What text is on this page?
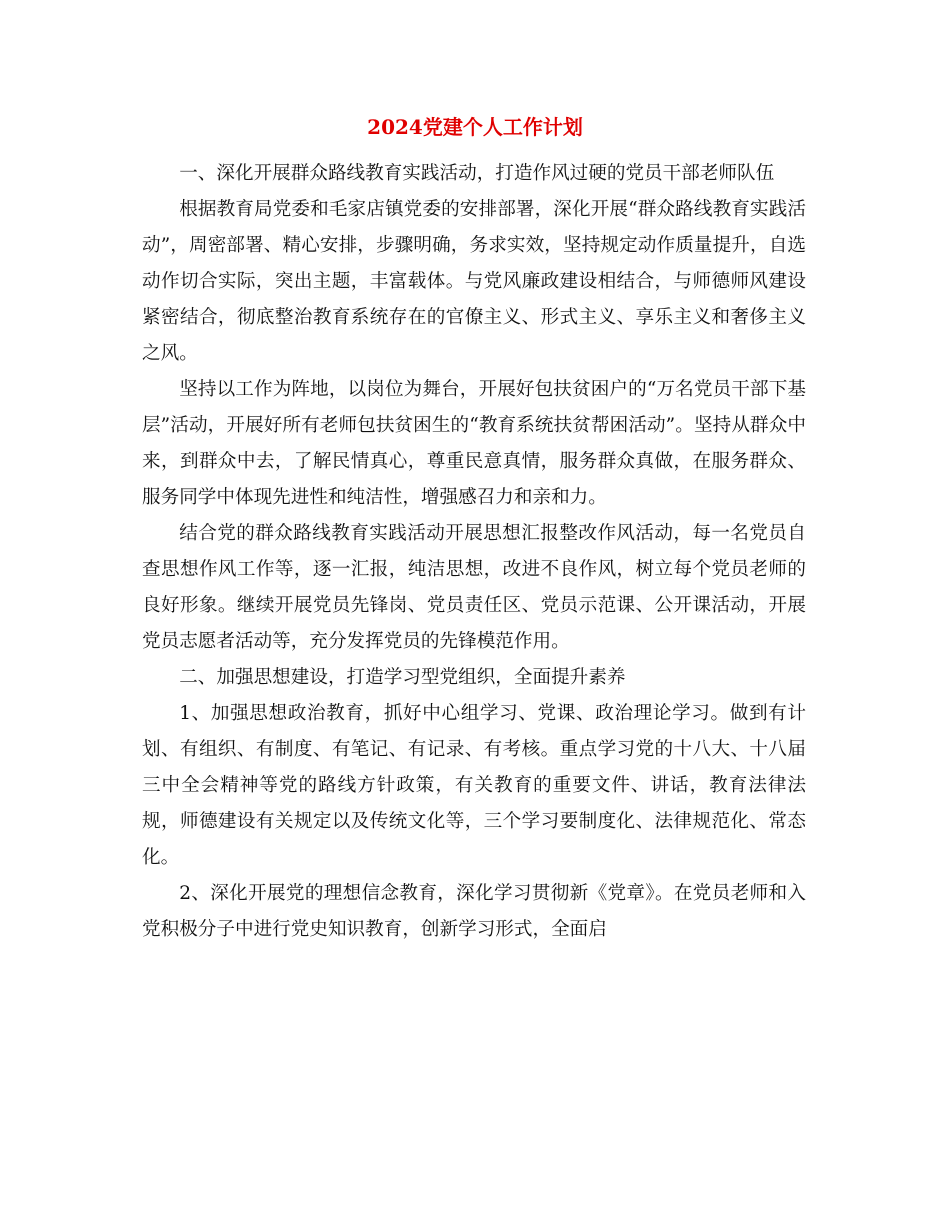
2024党建个人工作计划

一、深化开展群众路线教育实践活动，打造作风过硬的党员干部老师队伍

根据教育局党委和毛家店镇党委的安排部署，深化开展“群众路线教育实践活动”，周密部署、精心安排，步骤明确，务求实效，坚持规定动作质量提升，自选动作切合实际，突出主题，丰富载体。与党风廉政建设相结合，与师德师风建设紧密结合，彻底整治教育系统存在的官僚主义、形式主义、享乐主义和奢侈主义之风。

坚持以工作为阵地，以岗位为舞台，开展好包扶贫困户的“万名党员干部下基层”活动，开展好所有老师包扶贫困生的“教育系统扶贫帮困活动”。坚持从群众中来，到群众中去，了解民情真心，尊重民意真情，服务群众真做，在服务群众、服务同学中体现先进性和纯洁性，增强感召力和亲和力。

结合党的群众路线教育实践活动开展思想汇报整改作风活动，每一名党员自查思想作风工作等，逐一汇报，纯洁思想，改进不良作风，树立每个党员老师的良好形象。继续开展党员先锋岗、党员责任区、党员示范课、公开课活动，开展党员志愿者活动等，充分发挥党员的先锋模范作用。

二、加强思想建设，打造学习型党组织，全面提升素养

1、加强思想政治教育，抓好中心组学习、党课、政治理论学习。做到有计划、有组织、有制度、有笔记、有记录、有考核。重点学习党的十八大、十八届三中全会精神等党的路线方针政策，有关教育的重要文件、讲话，教育法律法规，师德建设有关规定以及传统文化等，三个学习要制度化、法律规范化、常态化。

2、深化开展党的理想信念教育，深化学习贯彻新《党章》。在党员老师和入党积极分子中进行党史知识教育，创新学习形式，全面启
